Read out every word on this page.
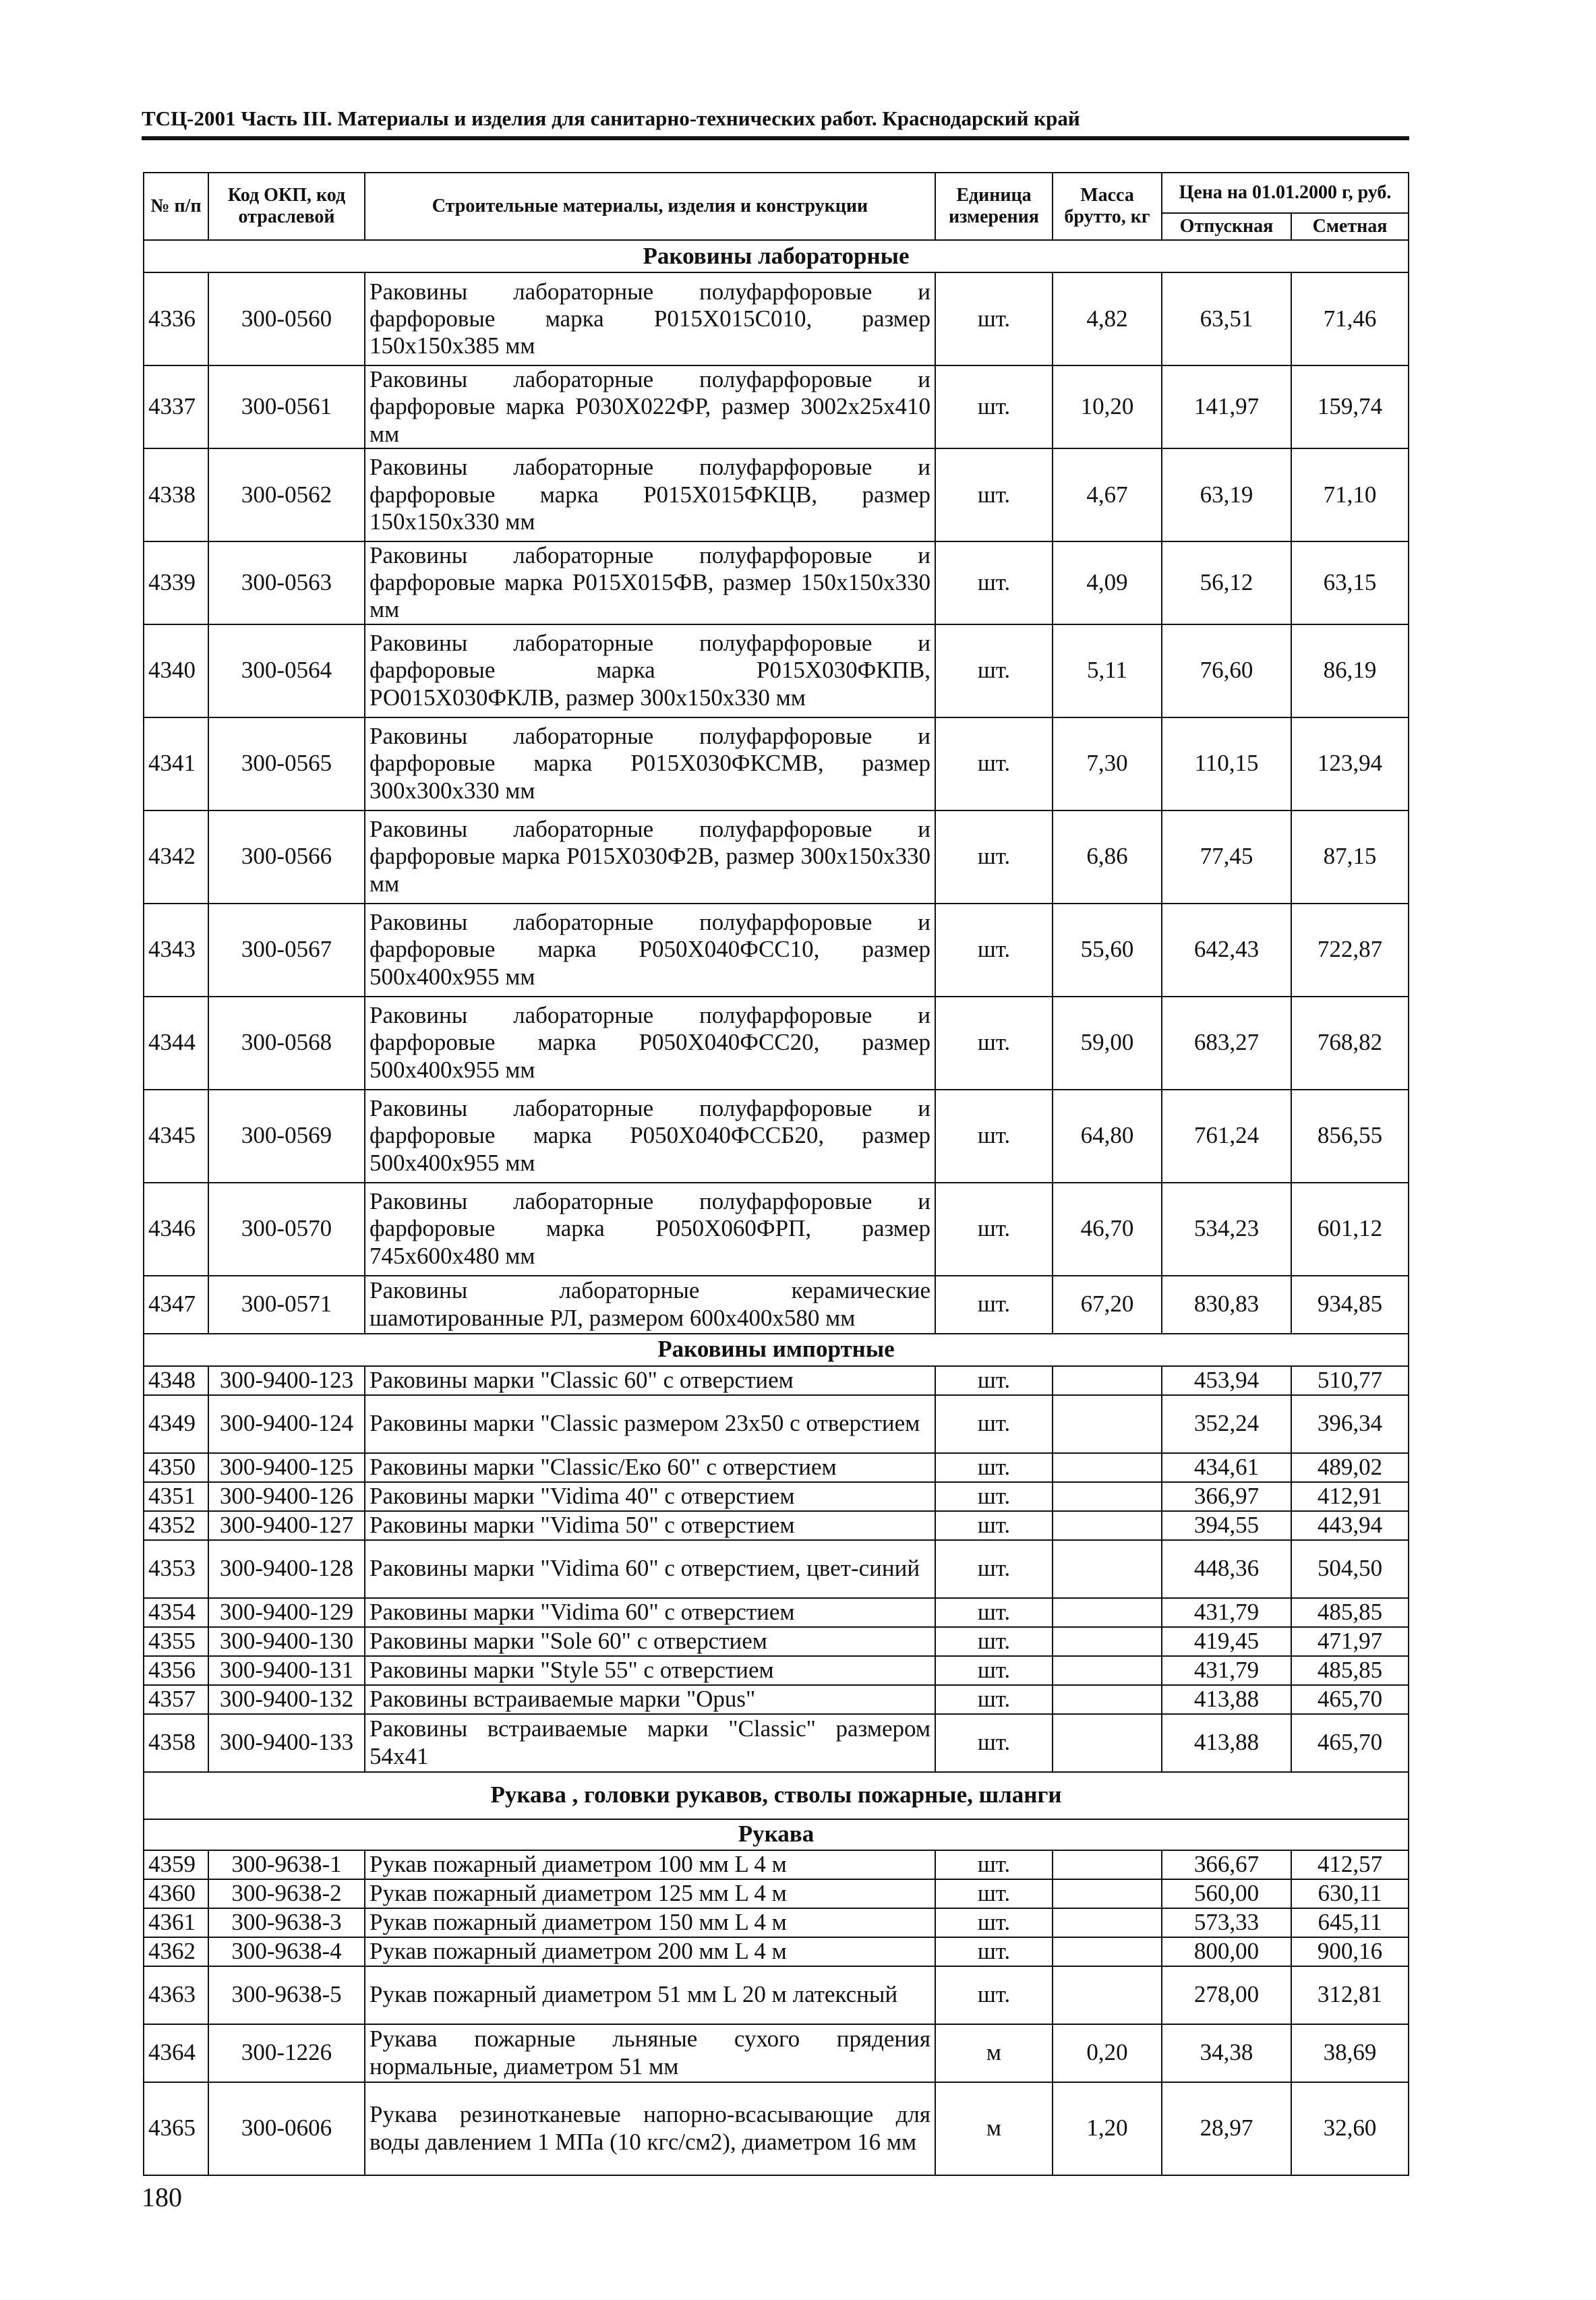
ТСЦ-2001 Часть III. Материалы и изделия для санитарно-технических работ. Краснодарский край
№ п/п	Код ОКП, код отраслевой	Строительные материалы, изделия и конструкции	Единица измерения	Масса брутто, кг	Цена на 01.01.2000 г, руб.	
					Отпускная	Сметная
Раковины лабораторные						
4336	300-0560	Раковины лабораторные полуфарфоровые и фарфоровые марка Р015Х015С010, размер 150х150х385 мм	шт.	4,82	63,51	71,46
4337	300-0561	Раковины лабораторные полуфарфоровые и фарфоровые марка Р030Х022ФР, размер 3002х25х410 мм	шт.	10,20	141,97	159,74
4338	300-0562	Раковины лабораторные полуфарфоровые и фарфоровые марка Р015Х015ФКЦВ, размер 150х150х330 мм	шт.	4,67	63,19	71,10
4339	300-0563	Раковины лабораторные полуфарфоровые и фарфоровые марка Р015Х015ФВ, размер 150х150х330 мм	шт.	4,09	56,12	63,15
4340	300-0564	Раковины лабораторные полуфарфоровые и фарфоровые марка Р015Х030ФКПВ, РО015Х030ФКЛВ, размер 300х150х330 мм	шт.	5,11	76,60	86,19
4341	300-0565	Раковины лабораторные полуфарфоровые и фарфоровые марка Р015Х030ФКСМВ, размер 300х300х330 мм	шт.	7,30	110,15	123,94
4342	300-0566	Раковины лабораторные полуфарфоровые и фарфоровые марка Р015Х030Ф2В, размер 300х150х330 мм	шт.	6,86	77,45	87,15
4343	300-0567	Раковины лабораторные полуфарфоровые и фарфоровые марка Р050Х040ФСС10, размер 500х400х955 мм	шт.	55,60	642,43	722,87
4344	300-0568	Раковины лабораторные полуфарфоровые и фарфоровые марка Р050Х040ФСС20, размер 500х400х955 мм	шт.	59,00	683,27	768,82
4345	300-0569	Раковины лабораторные полуфарфоровые и фарфоровые марка Р050Х040ФССБ20, размер 500х400х955 мм	шт.	64,80	761,24	856,55
4346	300-0570	Раковины лабораторные полуфарфоровые и фарфоровые марка Р050Х060ФРП, размер 745х600х480 мм	шт.	46,70	534,23	601,12
4347	300-0571	Раковины лабораторные керамические шамотированные РЛ, размером 600х400х580 мм	шт.	67,20	830,83	934,85
Раковины импортные						
4348	300-9400-123	Раковины марки "Classic 60" с отверстием	шт.		453,94	510,77
4349	300-9400-124	Раковины марки "Classic размером 23х50 с отверстием	шт.		352,24	396,34
4350	300-9400-125	Раковины марки "Classic/Eко 60" с отверстием	шт.		434,61	489,02
4351	300-9400-126	Раковины марки "Vidima 40" с отверстием	шт.		366,97	412,91
4352	300-9400-127	Раковины марки "Vidima 50" с отверстием	шт.		394,55	443,94
4353	300-9400-128	Раковины марки "Vidima 60" с отверстием, цвет-синий	шт.		448,36	504,50
4354	300-9400-129	Раковины марки "Vidima 60" с отверстием	шт.		431,79	485,85
4355	300-9400-130	Раковины марки "Sole 60" с отверстием	шт.		419,45	471,97
4356	300-9400-131	Раковины марки "Style 55" с отверстием	шт.		431,79	485,85
4357	300-9400-132	Раковины встраиваемые марки "Opus"	шт.		413,88	465,70
4358	300-9400-133	Раковины встраиваемые марки "Classic" размером 54х41	шт.		413,88	465,70
Рукава , головки рукавов, стволы пожарные, шланги						
Рукава						
4359	300-9638-1	Рукав пожарный диаметром 100 мм L 4 м	шт.		366,67	412,57
4360	300-9638-2	Рукав пожарный диаметром 125 мм L 4 м	шт.		560,00	630,11
4361	300-9638-3	Рукав пожарный диаметром 150 мм L 4 м	шт.		573,33	645,11
4362	300-9638-4	Рукав пожарный диаметром 200 мм L 4 м	шт.		800,00	900,16
4363	300-9638-5	Рукав пожарный диаметром 51 мм L 20 м латексный	шт.		278,00	312,81
4364	300-1226	Рукава пожарные льняные сухого прядения нормальные, диаметром 51 мм	м	0,20	34,38	38,69
4365	300-0606	Рукава резинотканевые напорно-всасывающие для воды давлением 1 МПа (10 кгс/см2), диаметром 16 мм	м	1,20	28,97	32,60
180
